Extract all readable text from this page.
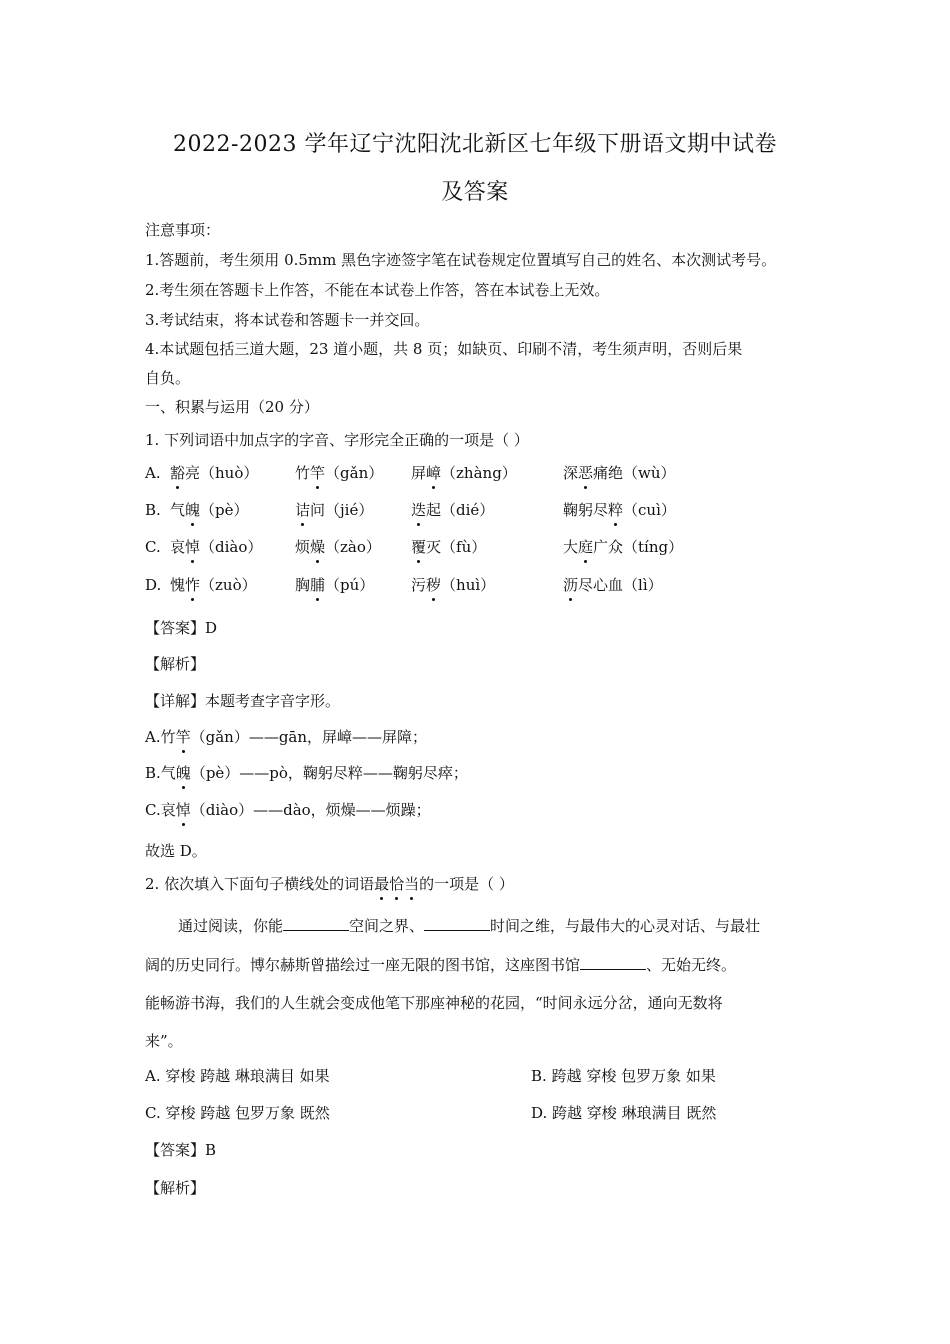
2022-2023 学年辽宁沈阳沈北新区七年级下册语文期中试卷
及答案
注意事项：
1.答题前，考生须用 0.5mm 黑色字迹签字笔在试卷规定位置填写自己的姓名、本次测试考号。
2.考生须在答题卡上作答，不能在本试卷上作答，答在本试卷上无效。
3.考试结束，将本试卷和答题卡一并交回。
4.本试题包括三道大题，23 道小题，共 8 页；如缺页、印刷不清，考生须声明，否则后果
自负。
一、积累与运用（20 分）
1. 下列词语中加点字的字音、字形完全正确的一项是（ ）
A. 豁亮（huò） 竹竿（gǎn） 屏嶂（zhàng）	深恶痛绝（wù）
B. 气魄（pè）	诘问（jié）	迭起（dié）	鞠躬尽粹（cuì）
C. 哀悼（diào） 烦燥（zào） 覆灭（fù）	大庭广众（tíng）
D. 愧怍（zuò）	胸脯（pú） 污秽（huì）	沥尽心血（lì）
【答案】D
【解析】
【详解】本题考查字音字形。
A.竹竿（gǎn）——gān，屏嶂——屏障；
B.气魄（pè）——pò，鞠躬尽粹——鞠躬尽瘁；
C.哀悼（diào）——dào，烦燥——烦躁；
故选 D。
2. 依次填入下面句子横线处的词语最恰当的一项是（ ）
通过阅读，你能	空间之界、	时间之维，与最伟大的心灵对话、与最壮
阔的历史同行。博尔赫斯曾描绘过一座无限的图书馆，这座图书馆	、无始无终。
能畅游书海，我们的人生就会变成他笔下那座神秘的花园，“时间永远分岔，通向无数将
来”。
A. 穿梭 跨越 琳琅满目 如果	B. 跨越 穿梭 包罗万象 如果
C. 穿梭 跨越 包罗万象 既然	D. 跨越 穿梭 琳琅满目 既然
【答案】B
【解析】
